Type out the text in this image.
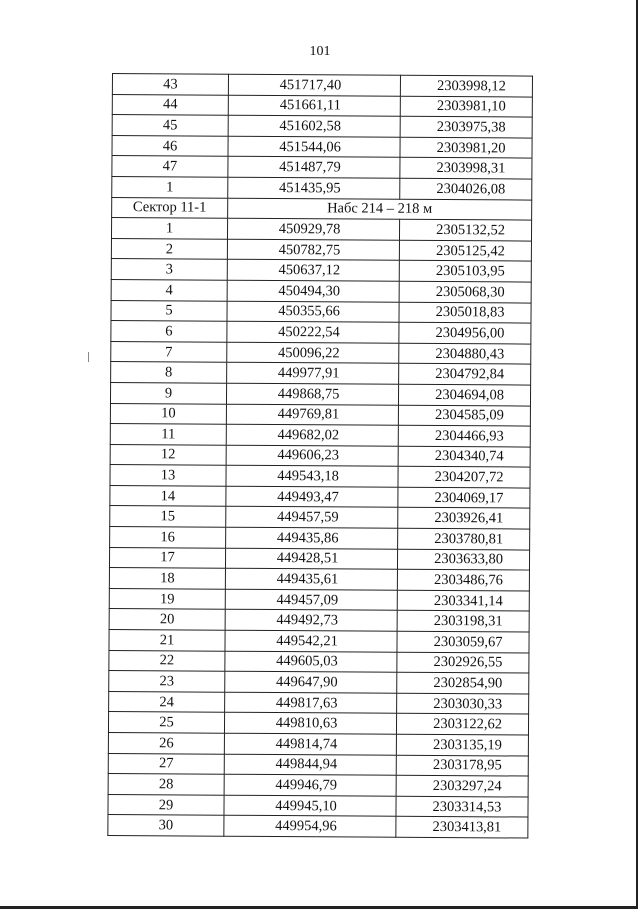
101
43	451717,40	2303998,12
44	451661,11	2303981,10
45	451602,58	2303975,38
46	451544,06	2303981,20
47	451487,79	2303998,31
1	451435,95	2304026,08
Сектор 11-1	Набс 214 – 218 м	
1	450929,78	2305132,52
2	450782,75	2305125,42
3	450637,12	2305103,95
4	450494,30	2305068,30
5	450355,66	2305018,83
6	450222,54	2304956,00
7	450096,22	2304880,43
8	449977,91	2304792,84
9	449868,75	2304694,08
10	449769,81	2304585,09
11	449682,02	2304466,93
12	449606,23	2304340,74
13	449543,18	2304207,72
14	449493,47	2304069,17
15	449457,59	2303926,41
16	449435,86	2303780,81
17	449428,51	2303633,80
18	449435,61	2303486,76
19	449457,09	2303341,14
20	449492,73	2303198,31
21	449542,21	2303059,67
22	449605,03	2302926,55
23	449647,90	2302854,90
24	449817,63	2303030,33
25	449810,63	2303122,62
26	449814,74	2303135,19
27	449844,94	2303178,95
28	449946,79	2303297,24
29	449945,10	2303314,53
30	449954,96	2303413,81
